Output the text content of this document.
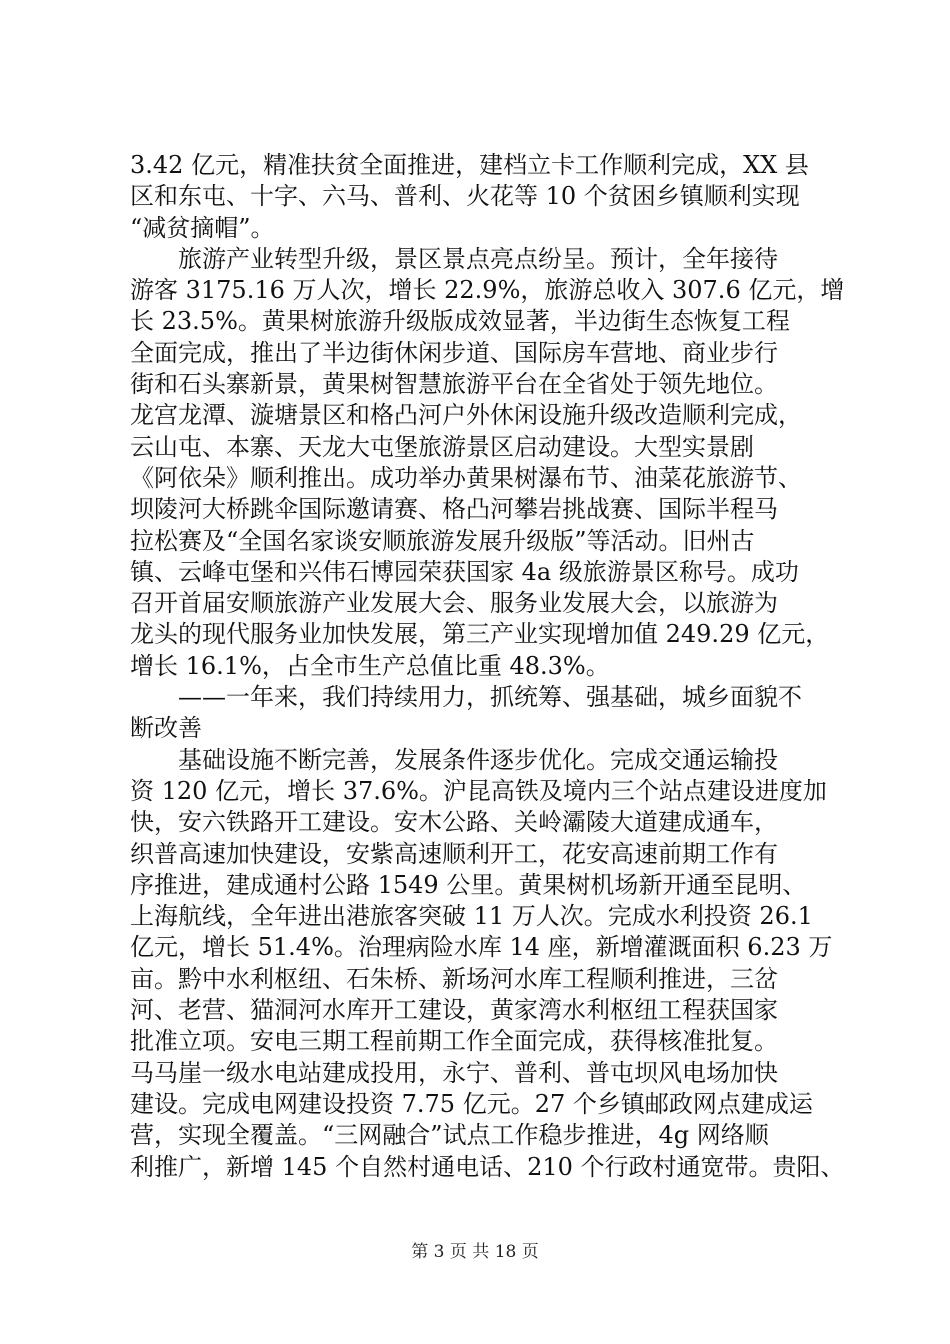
3.42 亿元，精准扶贫全面推进，建档立卡工作顺利完成，XX 县
区和东屯、十字、六马、普利、火花等 10 个贫困乡镇顺利实现
“减贫摘帽”。
旅游产业转型升级，景区景点亮点纷呈。预计，全年接待
游客 3175.16 万人次，增长 22.9%，旅游总收入 307.6 亿元，增
长 23.5%。黄果树旅游升级版成效显著，半边街生态恢复工程
全面完成，推出了半边街休闲步道、国际房车营地、商业步行
街和石头寨新景，黄果树智慧旅游平台在全省处于领先地位。
龙宫龙潭、漩塘景区和格凸河户外休闲设施升级改造顺利完成，
云山屯、本寨、天龙大屯堡旅游景区启动建设。大型实景剧
《阿依朵》顺利推出。成功举办黄果树瀑布节、油菜花旅游节、
坝陵河大桥跳伞国际邀请赛、格凸河攀岩挑战赛、国际半程马
拉松赛及“全国名家谈安顺旅游发展升级版”等活动。旧州古
镇、云峰屯堡和兴伟石博园荣获国家 4a 级旅游景区称号。成功
召开首届安顺旅游产业发展大会、服务业发展大会，以旅游为
龙头的现代服务业加快发展，第三产业实现增加值 249.29 亿元，
增长 16.1%，占全市生产总值比重 48.3%。
——一年来，我们持续用力，抓统筹、强基础，城乡面貌不
断改善
基础设施不断完善，发展条件逐步优化。完成交通运输投
资 120 亿元，增长 37.6%。沪昆高铁及境内三个站点建设进度加
快，安六铁路开工建设。安木公路、关岭灞陵大道建成通车，
织普高速加快建设，安紫高速顺利开工，花安高速前期工作有
序推进，建成通村公路 1549 公里。黄果树机场新开通至昆明、
上海航线，全年进出港旅客突破 11 万人次。完成水利投资 26.1
亿元，增长 51.4%。治理病险水库 14 座，新增灌溉面积 6.23 万
亩。黔中水利枢纽、石朱桥、新场河水库工程顺利推进，三岔
河、老营、猫洞河水库开工建设，黄家湾水利枢纽工程获国家
批准立项。安电三期工程前期工作全面完成，获得核准批复。
马马崖一级水电站建成投用，永宁、普利、普屯坝风电场加快
建设。完成电网建设投资 7.75 亿元。27 个乡镇邮政网点建成运
营，实现全覆盖。“三网融合”试点工作稳步推进，4g 网络顺
利推广，新增 145 个自然村通电话、210 个行政村通宽带。贵阳、
第 3 页 共 18 页
